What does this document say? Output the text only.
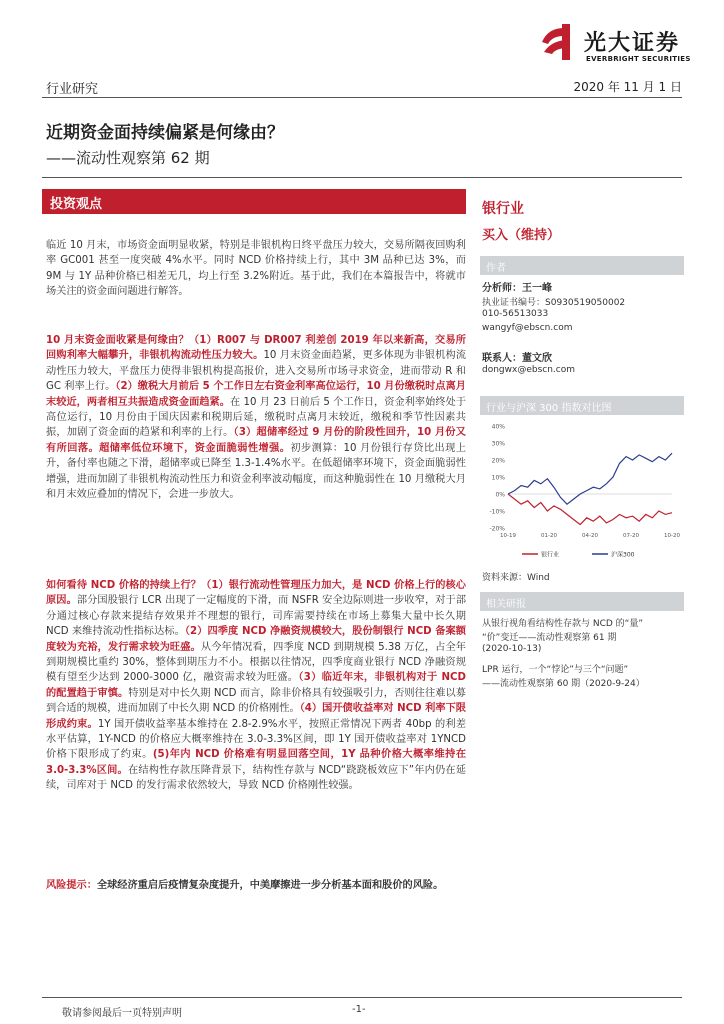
光大证券
EVERBRIGHT SECURITIES
行业研究	2020 年 11 月 1 日
近期资金面持续偏紧是何缘由？
——流动性观察第 62 期
投资观点
临近 10 月末，市场资金面明显收紧，特别是非银机构日终平盘压力较大，交易所隔夜回购利率 GC001 甚至一度突破 4%水平。同时 NCD 价格持续上行，其中 3M 品种已达 3%，而 9M 与 1Y 品种价格已相差无几，均上行至 3.2%附近。基于此，我们在本篇报告中，将就市场关注的资金面问题进行解答。
10 月末资金面收紧是何缘由？（1）R007 与 DR007 利差创 2019 年以来新高，交易所回购利率大幅攀升，非银机构流动性压力较大。10 月末资金面趋紧，更多体现为非银机构流动性压力较大，平盘压力使得非银机构提高报价，进入交易所市场寻求资金，进而带动 R 和 GC 利率上行。（2）缴税大月前后 5 个工作日左右资金利率高位运行，10 月份缴税时点离月末较近，两者相互共振造成资金面趋紧。在 10 月 23 日前后 5 个工作日，资金利率始终处于高位运行，10 月份由于国庆因素和税期后延，缴税时点离月末较近，缴税和季节性因素共振，加剧了资金面的趋紧和利率的上行。（3）超储率经过 9 月份的阶段性回升，10 月份又有所回落。超储率低位环境下，资金面脆弱性增强。初步测算：10 月份银行存贷比出现上升，备付率也随之下滑，超储率或已降至 1.3-1.4%水平。在低超储率环境下，资金面脆弱性增强，进而加剧了非银机构流动性压力和资金利率波动幅度，而这种脆弱性在 10 月缴税大月和月末效应叠加的情况下，会进一步放大。
如何看待 NCD 价格的持续上行？（1）银行流动性管理压力加大，是 NCD 价格上行的核心原因。部分国股银行 LCR 出现了一定幅度的下滑，而 NSFR 安全边际则进一步收窄，对于部分通过核心存款来提结存效果并不理想的银行，司库需要持续在市场上募集大量中长久期 NCD 来维持流动性指标达标。（2）四季度 NCD 净融资规模较大，股份制银行 NCD 备案额度较为充裕，发行需求较为旺盛。从今年情况看，四季度 NCD 到期规模 5.38 万亿，占全年到期规模比重约 30%，整体到期压力不小。根据以往情况，四季度商业银行 NCD 净融资规模有望至少达到 2000-3000 亿，融资需求较为旺盛。（3）临近年末，非银机构对于 NCD 的配置趋于审慎。特别是对中长久期 NCD 而言，除非价格具有较强吸引力，否则往往难以募到合适的规模，进而加剧了中长久期 NCD 的价格刚性。（4）国开债收益率对 NCD 利率下限形成约束。1Y 国开债收益率基本维持在 2.8-2.9%水平，按照正常情况下两者 40bp 的利差水平估算，1Y-NCD 的价格应大概率维持在 3.0-3.3%区间，即 1Y 国开债收益率对 1YNCD 价格下限形成了约束。(5)年内 NCD 价格难有明显回落空间，1Y 品种价格大概率维持在 3.0-3.3%区间。在结构性存款压降背景下，结构性存款与 NCD“跷跷板效应下”年内仍在延续，司库对于 NCD 的发行需求依然较大，导致 NCD 价格刚性较强。
风险提示：全球经济重启后疫情复杂度提升，中美摩擦进一步分析基本面和股价的风险。
银行业
买入（维持）
作者
分析师：王一峰
执业证书编号：S0930519050002
010-56513033
wangyf@ebscn.com
联系人：董文欣
dongwx@ebscn.com
行业与沪深 300 指数对比图
40%
30%
20%
10%
0%
-10%
-20%
10-19	01-20	04-20	07-20	10-20
银行业	沪深300
资料来源：Wind
相关研报
从银行视角看结构性存款与 NCD 的“量”
“价”变迁——流动性观察第 61 期
(2020-10-13)
LPR 运行，一个“悖论”与三个“问题”
——流动性观察第 60 期（2020-9-24）
敬请参阅最后一页特别声明	-1-
